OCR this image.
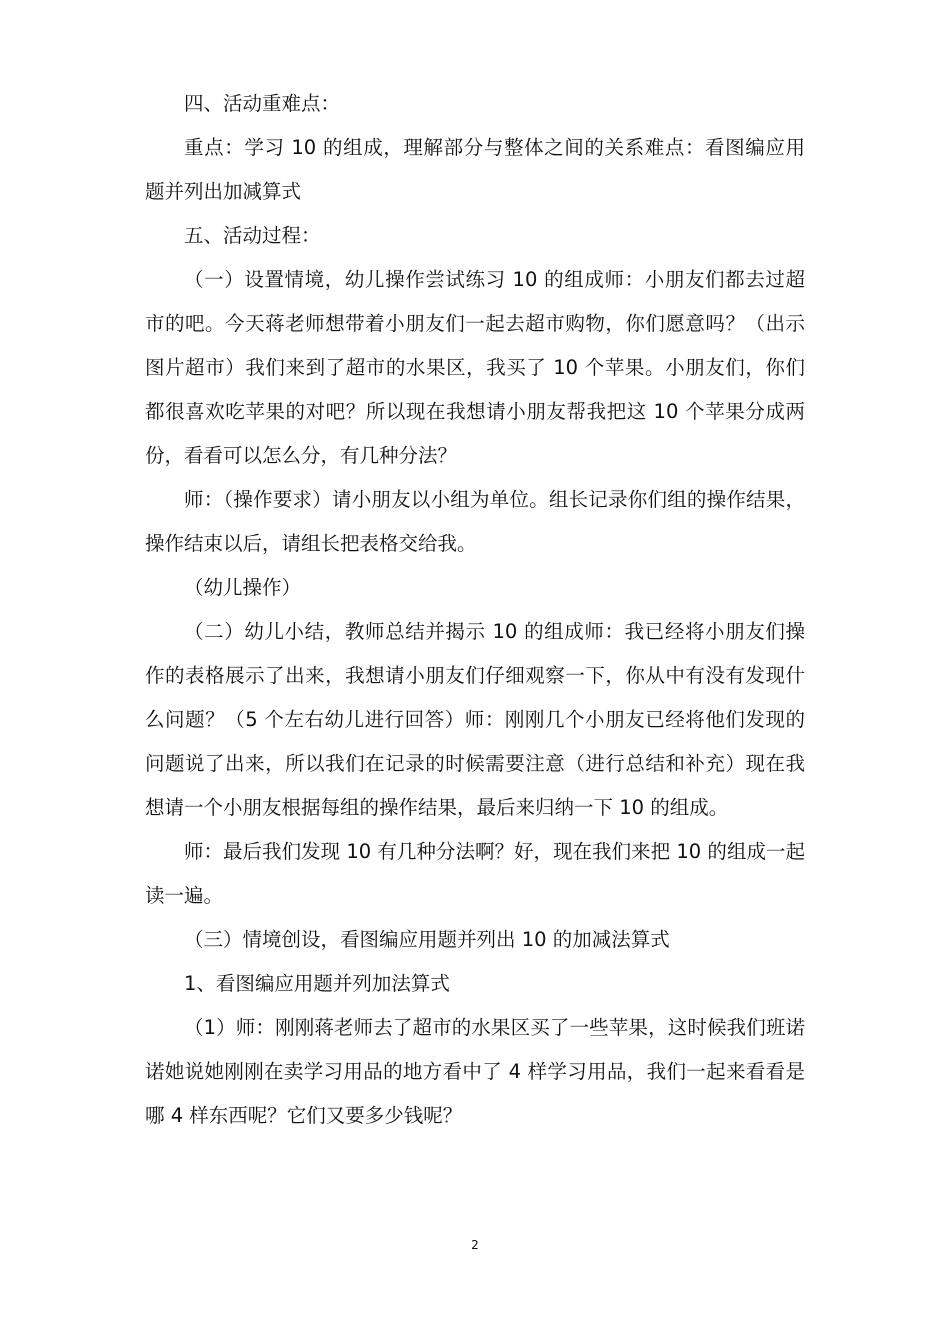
四、活动重难点：

重点：学习 10 的组成，理解部分与整体之间的关系难点：看图编应用题并列出加减算式

五、活动过程：

（一）设置情境，幼儿操作尝试练习 10 的组成师：小朋友们都去过超市的吧。今天蒋老师想带着小朋友们一起去超市购物，你们愿意吗？（出示图片超市）我们来到了超市的水果区，我买了 10 个苹果。小朋友们，你们都很喜欢吃苹果的对吧？所以现在我想请小朋友帮我把这 10 个苹果分成两份，看看可以怎么分，有几种分法？

师：（操作要求）请小朋友以小组为单位。组长记录你们组的操作结果，操作结束以后，请组长把表格交给我。

（幼儿操作）

（二）幼儿小结，教师总结并揭示 10 的组成师：我已经将小朋友们操作的表格展示了出来，我想请小朋友们仔细观察一下，你从中有没有发现什么问题？（5 个左右幼儿进行回答）师：刚刚几个小朋友已经将他们发现的问题说了出来，所以我们在记录的时候需要注意（进行总结和补充）现在我想请一个小朋友根据每组的操作结果，最后来归纳一下 10 的组成。

师：最后我们发现 10 有几种分法啊？好，现在我们来把 10 的组成一起读一遍。

（三）情境创设，看图编应用题并列出 10 的加减法算式

1、看图编应用题并列加法算式

（1）师：刚刚蒋老师去了超市的水果区买了一些苹果，这时候我们班诺诺她说她刚刚在卖学习用品的地方看中了 4 样学习用品，我们一起来看看是哪 4 样东西呢？它们又要多少钱呢？

2
